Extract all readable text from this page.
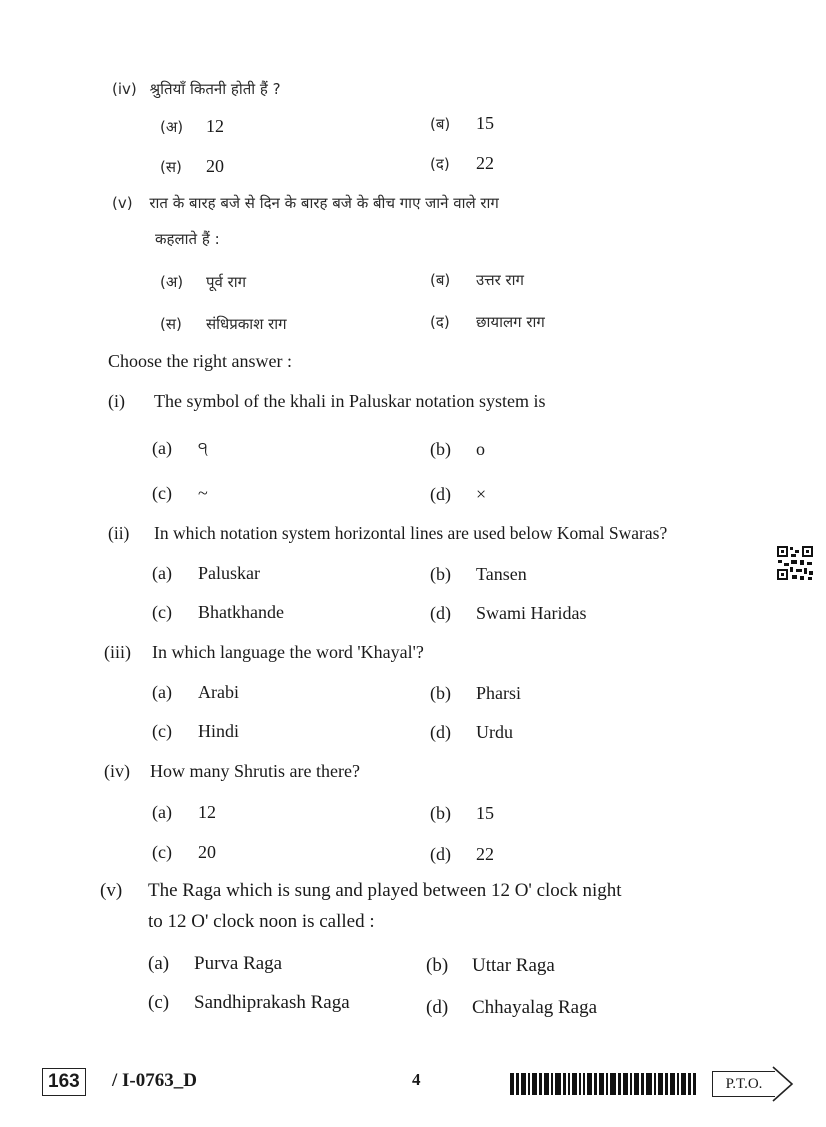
(iv) श्रुतियाँ कितनी होती हैं ?
(अ) 12	(ब) 15
(स) 20	(द) 22
(v) रात के बारह बजे से दिन के बारह बजे के बीच गाए जाने वाले राग
कहलाते हैं :
(अ) पूर्व राग	(ब) उत्तर राग
(स) संधिप्रकाश राग	(द) छायालग राग
Choose the right answer :
(i) The symbol of the khali in Paluskar notation system is
(a) ੧	(b) o
(c) ~	(d) ×
(ii) In which notation system horizontal lines are used below Komal Swaras?
(a) Paluskar	(b) Tansen
(c) Bhatkhande	(d) Swami Haridas
(iii) In which language the word 'Khayal'?
(a) Arabi	(b) Pharsi
(c) Hindi	(d) Urdu
(iv) How many Shrutis are there?
(a) 12	(b) 15
(c) 20	(d) 22
(v) The Raga which is sung and played between 12 O' clock night
to 12 O' clock noon is called :
(a) Purva Raga	(b) Uttar Raga
(c) Sandhiprakash Raga	(d) Chhayalag Raga
163	/ I-0763_D	4	P.T.O.
